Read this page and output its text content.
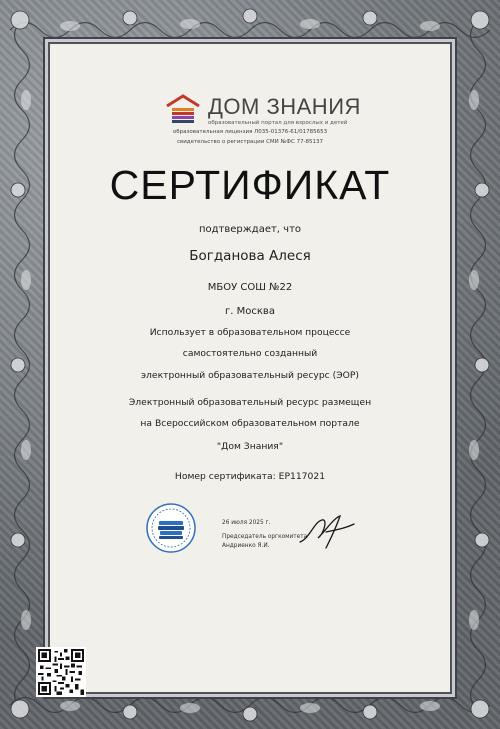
ДОМ ЗНАНИЯ
образовательный портал для взрослых и детей
образовательная лицензия Л035-01376-61/01785653
свидетельство о регистрации СМИ №ФС 77-85137
СЕРТИФИКАТ
подтверждает, что
Богданова Алеся
МБОУ СОШ №22
г. Москва
Использует в образовательном процессе
самостоятельно созданный
электронный образовательный ресурс (ЭОР)
Электронный образовательный ресурс размещен
на Всероссийском образовательном портале
"Дом Знания"
Номер сертификата: ЕР117021
26 июля 2025 г.
Председатель оргкомитета
Андриенко Я.И.
